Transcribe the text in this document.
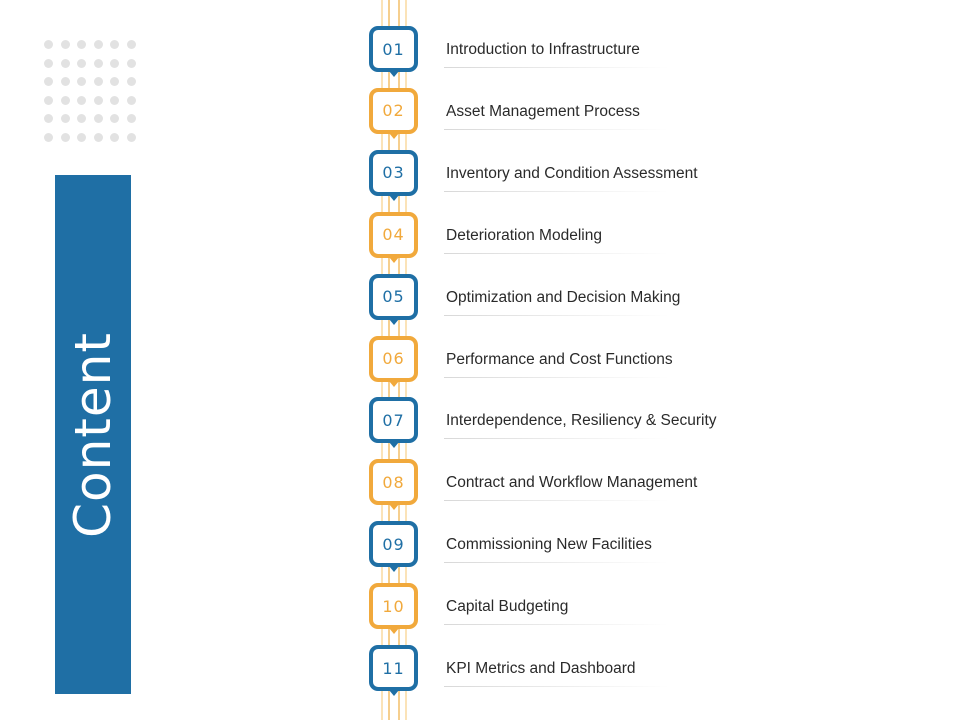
Content
01	Introduction to Infrastructure
02	Asset Management Process
03	Inventory and Condition Assessment
04	Deterioration Modeling
05	Optimization and Decision Making
06	Performance and Cost Functions
07	Interdependence, Resiliency & Security
08	Contract and Workflow Management
09	Commissioning New Facilities
10	Capital Budgeting
11	KPI Metrics and Dashboard
